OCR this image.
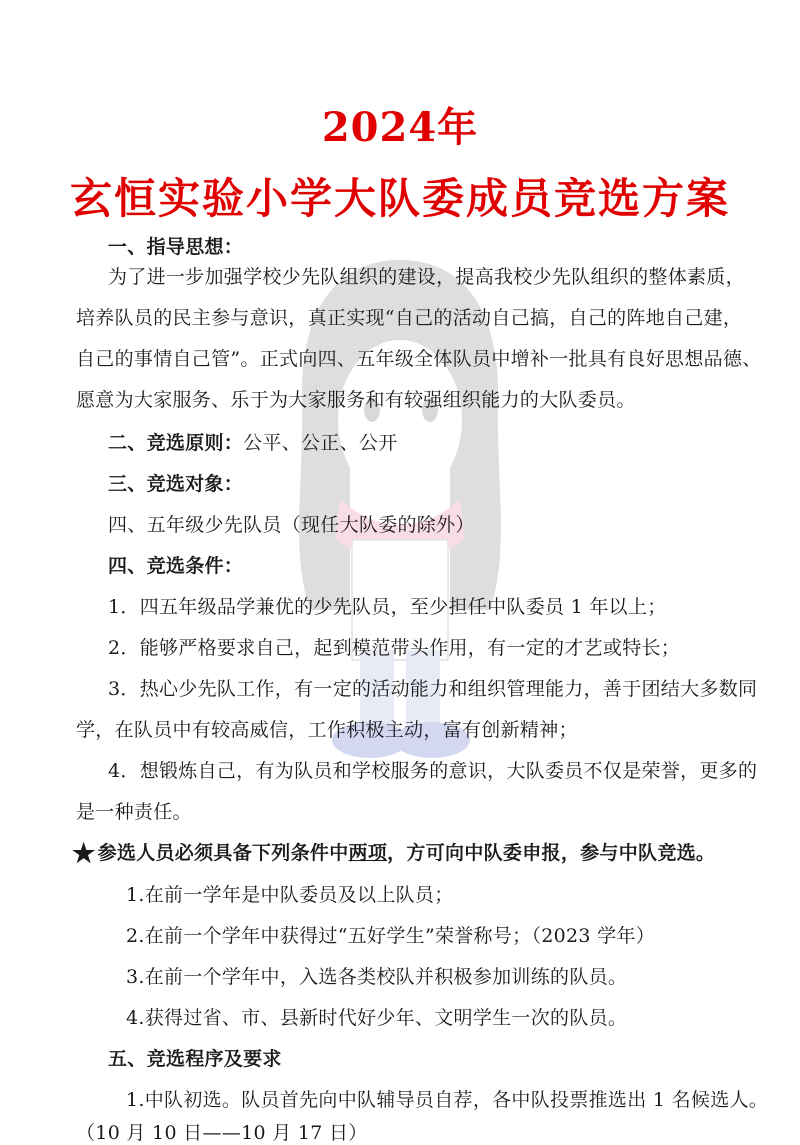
2024年
玄恒实验小学大队委成员竞选方案
一、指导思想：
为了进一步加强学校少先队组织的建设，提高我校少先队组织的整体素质，
培养队员的民主参与意识，真正实现“自己的活动自己搞，自己的阵地自己建，
自己的事情自己管”。正式向四、五年级全体队员中增补一批具有良好思想品德、
愿意为大家服务、乐于为大家服务和有较强组织能力的大队委员。
二、竞选原则：公平、公正、公开
三、竞选对象：
四、五年级少先队员（现任大队委的除外）
四、竞选条件：
1．四五年级品学兼优的少先队员，至少担任中队委员 1 年以上；
2．能够严格要求自己，起到模范带头作用，有一定的才艺或特长；
3．热心少先队工作，有一定的活动能力和组织管理能力，善于团结大多数同
学，在队员中有较高威信，工作积极主动，富有创新精神；
4．想锻炼自己，有为队员和学校服务的意识，大队委员不仅是荣誉，更多的
是一种责任。
★ 参选人员必须具备下列条件中两项，方可向中队委申报，参与中队竞选。
1.在前一学年是中队委员及以上队员；
2.在前一个学年中获得过“五好学生”荣誉称号；（2023 学年）
3.在前一个学年中，入选各类校队并积极参加训练的队员。
4.获得过省、市、县新时代好少年、文明学生一次的队员。
五、竞选程序及要求
1.中队初选。队员首先向中队辅导员自荐，各中队投票推选出 1 名候选人。
（10 月 10 日——10 月 17 日）
